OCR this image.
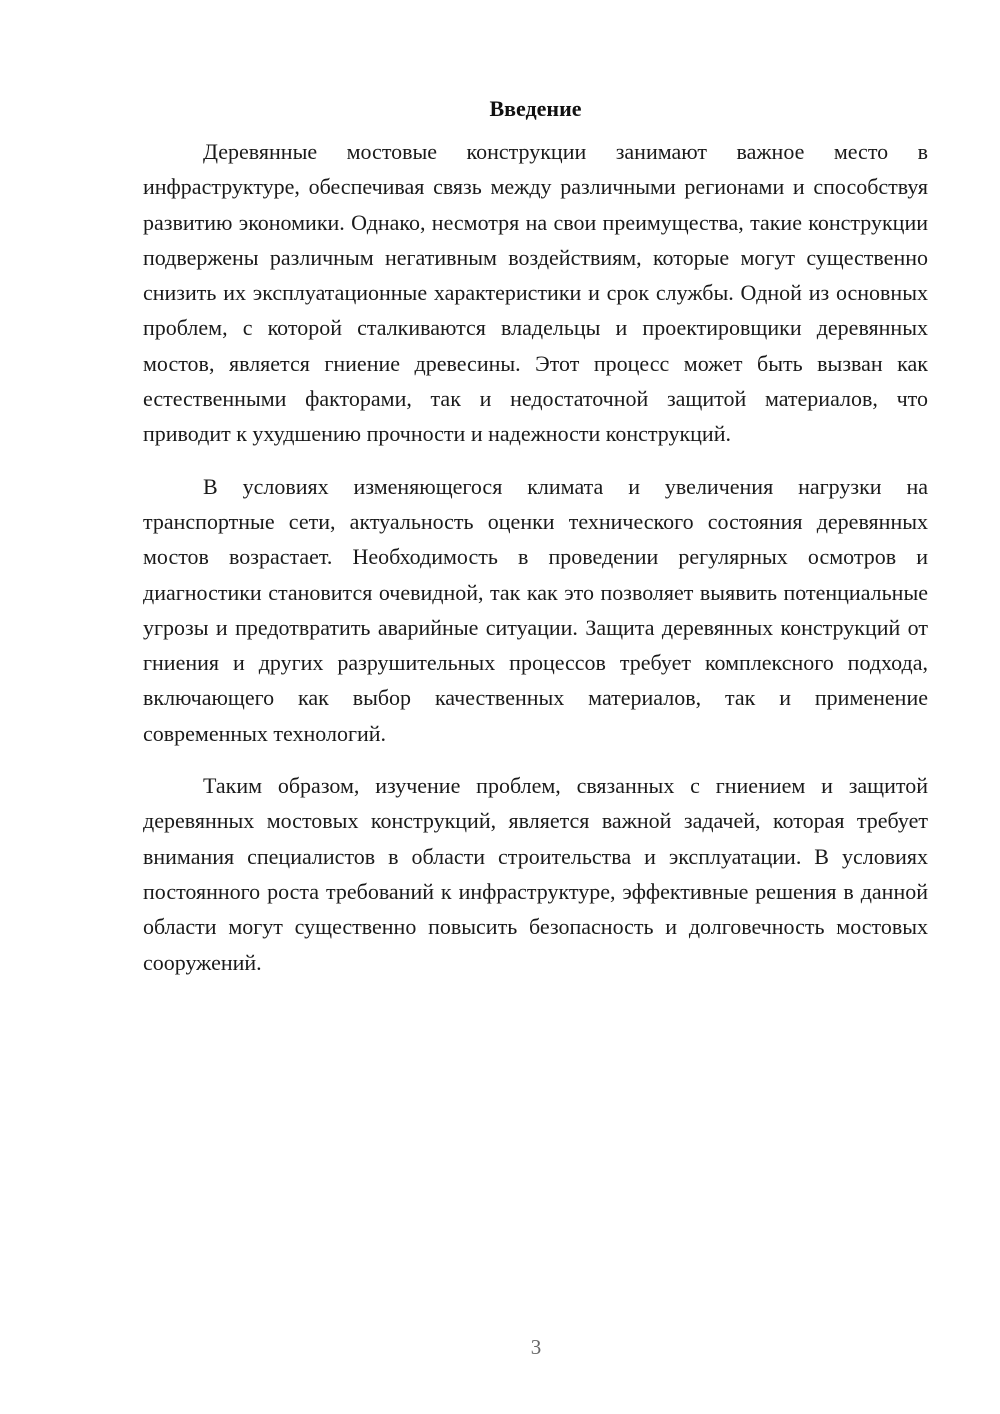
Введение

Деревянные мостовые конструкции занимают важное место в инфраструктуре, обеспечивая связь между различными регионами и способствуя развитию экономики. Однако, несмотря на свои преимущества, такие конструкции подвержены различным негативным воздействиям, которые могут существенно снизить их эксплуатационные характеристики и срок службы. Одной из основных проблем, с которой сталкиваются владельцы и проектировщики деревянных мостов, является гниение древесины. Этот процесс может быть вызван как естественными факторами, так и недостаточной защитой материалов, что приводит к ухудшению прочности и надежности конструкций.

В условиях изменяющегося климата и увеличения нагрузки на транспортные сети, актуальность оценки технического состояния деревянных мостов возрастает. Необходимость в проведении регулярных осмотров и диагностики становится очевидной, так как это позволяет выявить потенциальные угрозы и предотвратить аварийные ситуации. Защита деревянных конструкций от гниения и других разрушительных процессов требует комплексного подхода, включающего как выбор качественных материалов, так и применение современных технологий.

Таким образом, изучение проблем, связанных с гниением и защитой деревянных мостовых конструкций, является важной задачей, которая требует внимания специалистов в области строительства и эксплуатации. В условиях постоянного роста требований к инфраструктуре, эффективные решения в данной области могут существенно повысить безопасность и долговечность мостовых сооружений.

3
